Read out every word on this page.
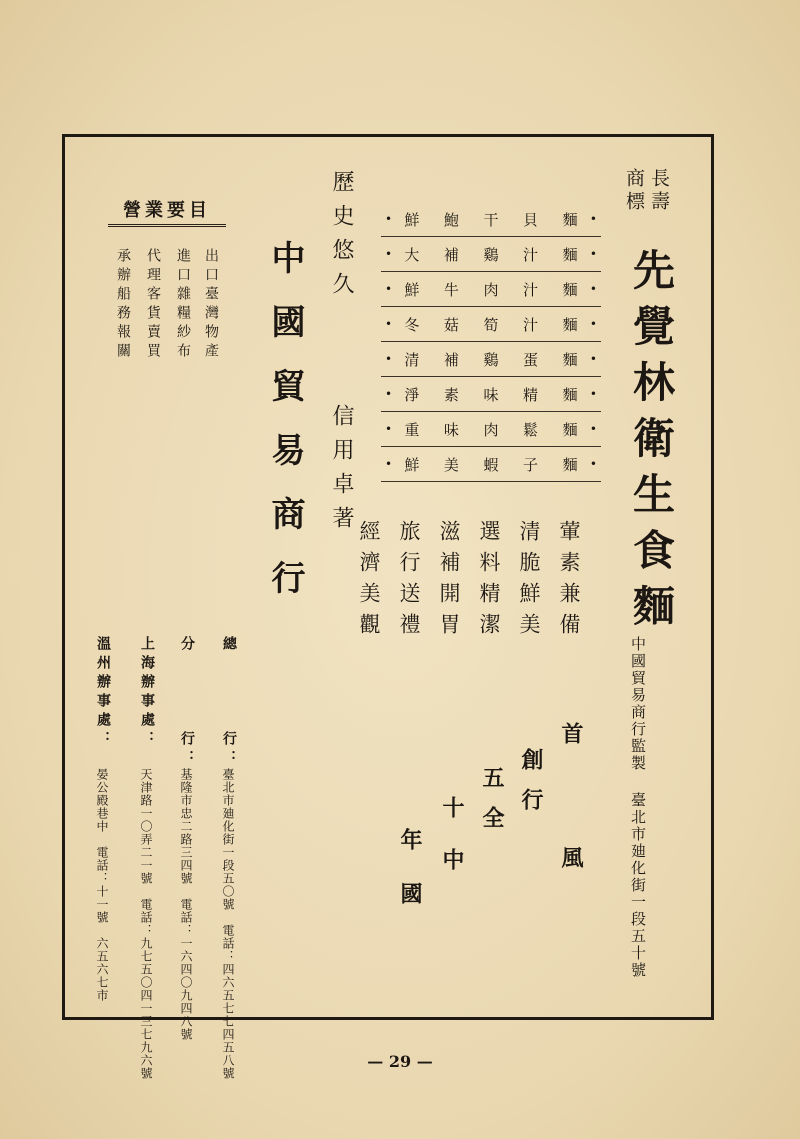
長壽
商標
先覺林衛生食麵
中國貿易商行監製 臺北市廸化街一段五十號
• 鮮	鮑	干	貝	麵	•
• 大	補	鷄	汁	麵	•
• 鮮	牛	肉	汁	麵	•
• 冬	菇	筍	汁	麵	•
• 清	補	鷄	蛋	麵	•
• 淨	素	味	精	麵	•
• 重	味	肉	鬆	麵	•
• 鮮	美	蝦	子	麵	•
葷素兼備
清脆鮮美
選料精潔
滋補開胃
旅行送禮
經濟美觀
首  風
創行
五全
十中
年國
歷史悠久
信用卓著
中國貿易商行
營業要目
出口臺灣物產
進口雜糧紗布
代理客貨賣買
承辦船務報關
總　　　　行：
分　　　　行：
上海辦事處：
溫州辦事處：
臺北市廸化街一段五〇號　電話：四六五七七四五八號
基隆市忠二路三四號　電話：一六四〇九四八號
天津路一〇弄二一號　電話：九七五〇四一三七九六號
晏公殿巷中　電話：十一號　六五六七市
— 29 —
